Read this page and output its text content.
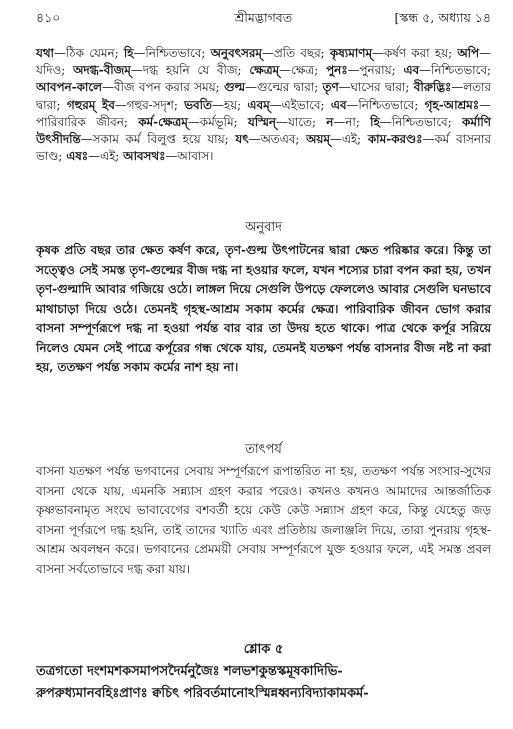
৪১০	শ্রীমদ্ভাগবত	[স্কন্ধ ৫, অধ্যায় ১৪
যথা—ঠিক যেমন; হি—নিশ্চিতভাবে; অনুবৎসরম্—প্রতি বছর; কৃষ্যমাণম্—কর্ষণ করা হয়; অপি—যদিও; অদগ্ধ-বীজম্—দগ্ধ হয়নি যে বীজ; ক্ষেত্রম্—ক্ষেত্র; পুনঃ—পুনরায়; এব—নিশ্চিতভাবে; আবপন-কালে—বীজ বপন করার সময়; গুল্ম—গুল্মের দ্বারা; তৃণ—ঘাসের দ্বারা; বীরুদ্ভিঃ—লতার দ্বারা; গহুরম্ ইব—গহুর-সদৃশ; ভবতি—হয়; এবম্—এইভাবে; এব—নিশ্চিতভাবে; গৃহ-আশ্রমঃ—পারিবারিক জীবন; কর্ম-ক্ষেত্রম্—কর্মভূমি; যস্মিন্—যাতে; ন—না; হি—নিশ্চিতভাবে; কর্মাণি উৎসীদন্তি—সকাম কর্ম বিলুপ্ত হয়ে যায়; যৎ—অতএব; অয়ম্—এই; কাম-করণ্ডঃ—কর্ম বাসনার ভাণ্ড; এষঃ—এই; আবসথঃ—আবাস।
অনুবাদ
কৃষক প্রতি বছর তার ক্ষেত কর্ষণ করে, তৃণ-গুল্ম উৎপাটনের দ্বারা ক্ষেত পরিষ্কার করে। কিন্তু তা সত্ত্বেও সেই সমস্ত তৃণ-গুল্মের বীজ দগ্ধ না হওয়ার ফলে, যখন শস্যের চারা বপন করা হয়, তখন তৃণ-গুল্মাদি আবার গজিয়ে ওঠে। লাঙ্গল দিয়ে সেগুলি উপড়ে ফেললেও আবার সেগুলি ঘনভাবে মাথাচাড়া দিয়ে ওঠে। তেমনই গৃহস্থ-আশ্রম সকাম কর্মের ক্ষেত্র। পারিবারিক জীবন ভোগ করার বাসনা সম্পূর্ণরূপে দগ্ধ না হওয়া পর্যন্ত বার বার তা উদয় হতে থাকে। পাত্র থেকে কর্পূর সরিয়ে নিলেও যেমন সেই পাত্রে কর্পূরের গন্ধ থেকে যায়, তেমনই যতক্ষণ পর্যন্ত বাসনার বীজ নষ্ট না করা হয়, ততক্ষণ পর্যন্ত সকাম কর্মের নাশ হয় না।
তাৎপর্য
বাসনা যতক্ষণ পর্যন্ত ভগবানের সেবায় সম্পূর্ণরূপে রূপান্তরিত না হয়, ততক্ষণ পর্যন্ত সংসার-সুখের বাসনা থেকে যায়, এমনকি সন্ন্যাস গ্রহণ করার পরেও। কখনও কখনও আমাদের আন্তর্জাতিক কৃষ্ণভাবনামৃত সংঘে ভাবাবেগের বশবর্তী হয়ে কেউ কেউ সন্ন্যাস গ্রহণ করে, কিন্তু যেহেতু জড় বাসনা পূর্ণরূপে দগ্ধ হয়নি, তাই তাদের খ্যাতি এবং প্রতিষ্ঠায় জলাঞ্জলি দিয়ে, তারা পুনরায় গৃহস্থ-আশ্রম অবলম্বন করে। ভগবানের প্রেমময়ী সেবায় সম্পূর্ণরূপে যুক্ত হওয়ার ফলে, এই সমস্ত প্রবল বাসনা সর্বতোভাবে দগ্ধ করা যায়।
শ্লোক ৫
তত্রগতো দংশমশকসমাপসদৈর্মনুজৈঃ শলভশকুন্তস্কমূষকাদিভি-
রুপরুধ্যমানবহিঃপ্রাণঃ ক্বচিৎ পরিবর্তমানোঽস্মিন্নধ্বন্যবিদ্যাকামকর্ম-
